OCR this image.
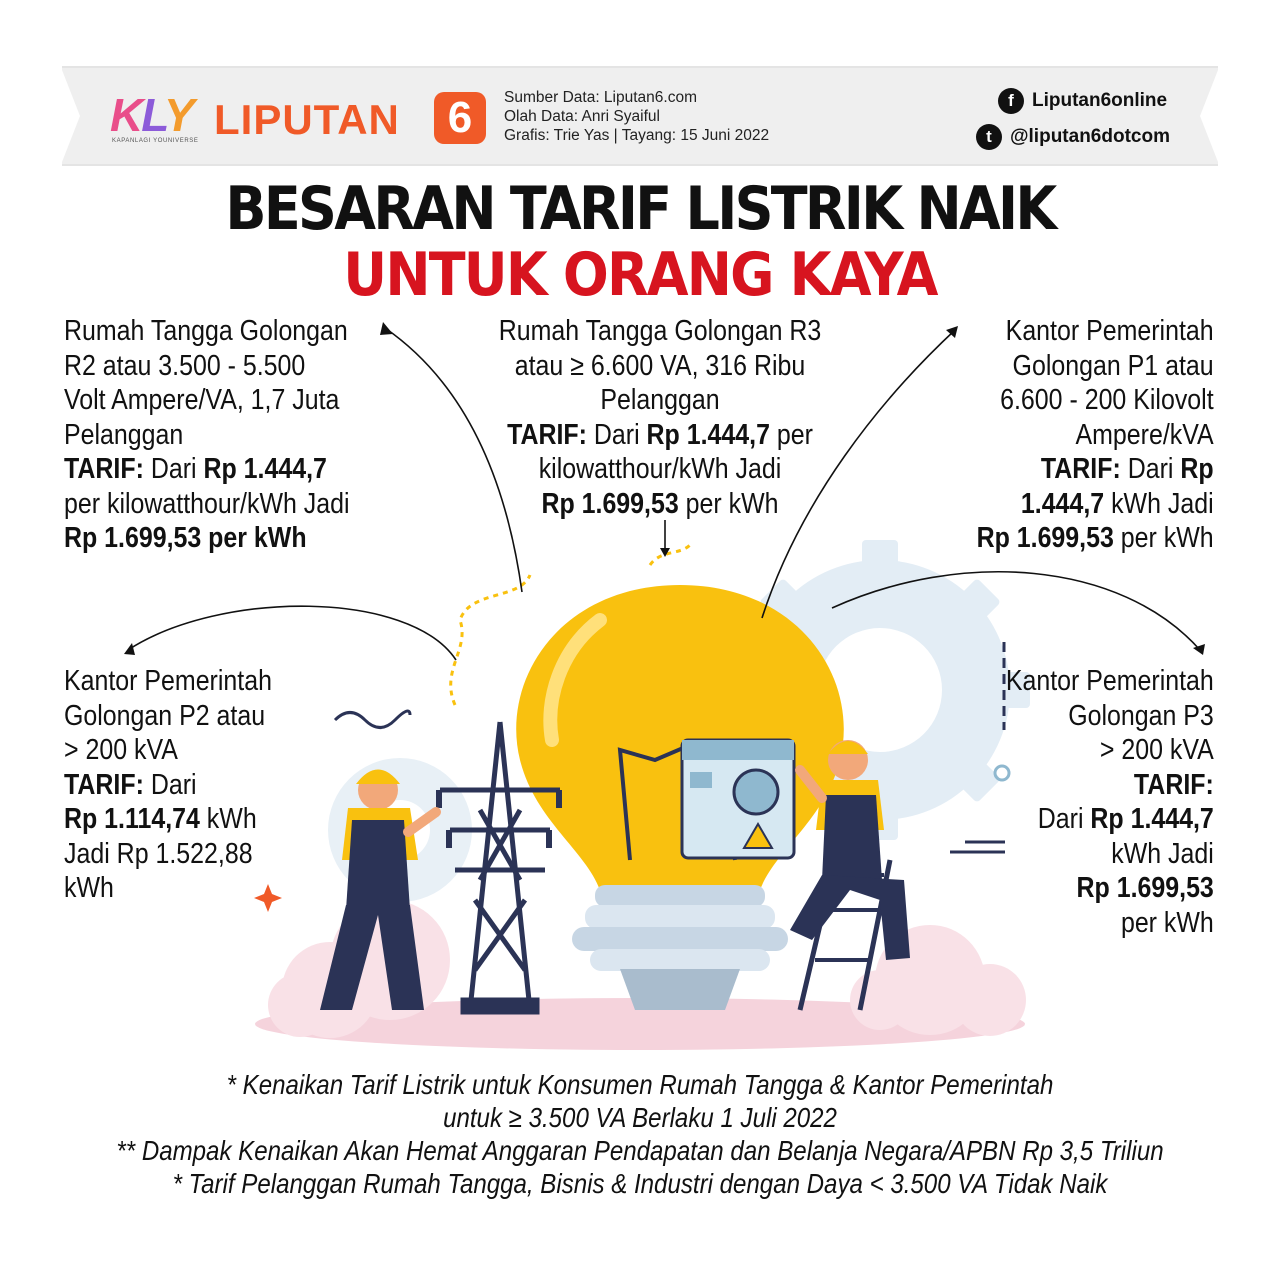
KLY
KAPANLAGI YOUNIVERSE LIPUTAN	6	Sumber Data: Liputan6.com
Olah Data: Anri Syaiful
Grafis: Trie Yas | Tayang: 15 Juni 2022
f Liputan6online
t @liputan6dotcom
BESARAN TARIF LISTRIK NAIK
UNTUK ORANG KAYA
Rumah Tangga Golongan
R2 atau 3.500 - 5.500
Volt Ampere/VA, 1,7 Juta
Pelanggan
TARIF: Dari Rp 1.444,7
per kilowatthour/kWh Jadi
Rp 1.699,53 per kWh
Rumah Tangga Golongan R3
atau ≥ 6.600 VA, 316 Ribu
Pelanggan
TARIF: Dari Rp 1.444,7 per
kilowatthour/kWh Jadi
Rp 1.699,53 per kWh
Kantor Pemerintah
Golongan P1 atau
6.600 - 200 Kilovolt
Ampere/kVA
TARIF: Dari Rp
1.444,7 kWh Jadi
Rp 1.699,53 per kWh
Kantor Pemerintah
Golongan P2 atau
> 200 kVA
TARIF: Dari
Rp 1.114,74 kWh
Jadi Rp 1.522,88
kWh
Kantor Pemerintah
Golongan P3
> 200 kVA
TARIF:
Dari Rp 1.444,7
kWh Jadi
Rp 1.699,53
per kWh
* Kenaikan Tarif Listrik untuk Konsumen Rumah Tangga & Kantor Pemerintah
untuk ≥ 3.500 VA Berlaku 1 Juli 2022
** Dampak Kenaikan Akan Hemat Anggaran Pendapatan dan Belanja Negara/APBN Rp 3,5 Triliun
* Tarif Pelanggan Rumah Tangga, Bisnis & Industri dengan Daya < 3.500 VA Tidak Naik
